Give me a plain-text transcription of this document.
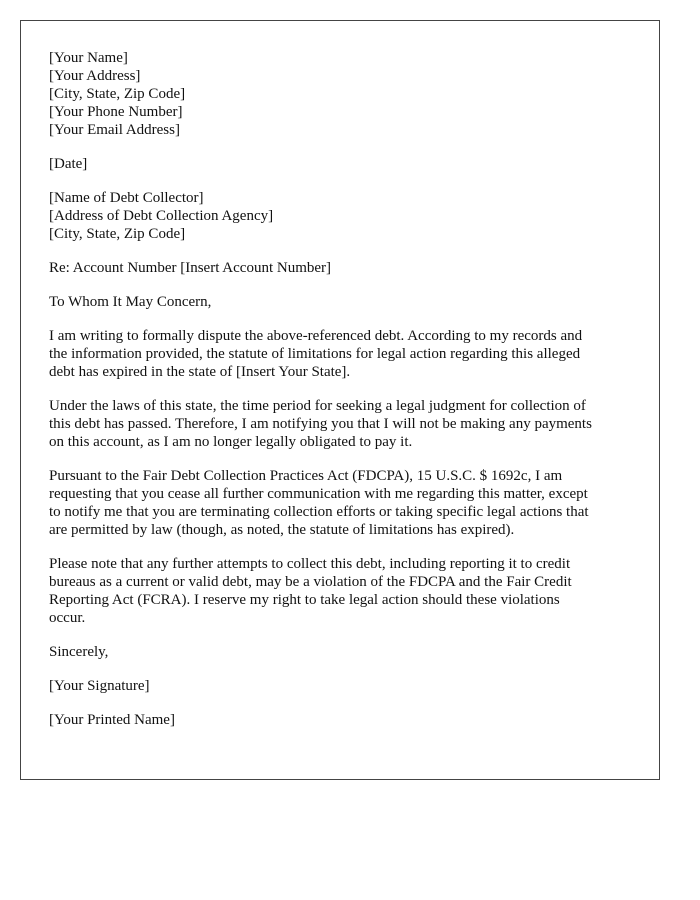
[Your Name]
[Your Address]
[City, State, Zip Code]
[Your Phone Number]
[Your Email Address]
[Date]
[Name of Debt Collector]
[Address of Debt Collection Agency]
[City, State, Zip Code]
Re: Account Number [Insert Account Number]
To Whom It May Concern,

I am writing to formally dispute the above-referenced debt. According to my records and
the information provided, the statute of limitations for legal action regarding this alleged
debt has expired in the state of [Insert Your State].

Under the laws of this state, the time period for seeking a legal judgment for collection of
this debt has passed. Therefore, I am notifying you that I will not be making any payments
on this account, as I am no longer legally obligated to pay it.

Pursuant to the Fair Debt Collection Practices Act (FDCPA), 15 U.S.C. $ 1692c, I am
requesting that you cease all further communication with me regarding this matter, except
to notify me that you are terminating collection efforts or taking specific legal actions that
are permitted by law (though, as noted, the statute of limitations has expired).

Please note that any further attempts to collect this debt, including reporting it to credit
bureaus as a current or valid debt, may be a violation of the FDCPA and the Fair Credit
Reporting Act (FCRA). I reserve my right to take legal action should these violations
occur.

Sincerely,
[Your Signature]
[Your Printed Name]
